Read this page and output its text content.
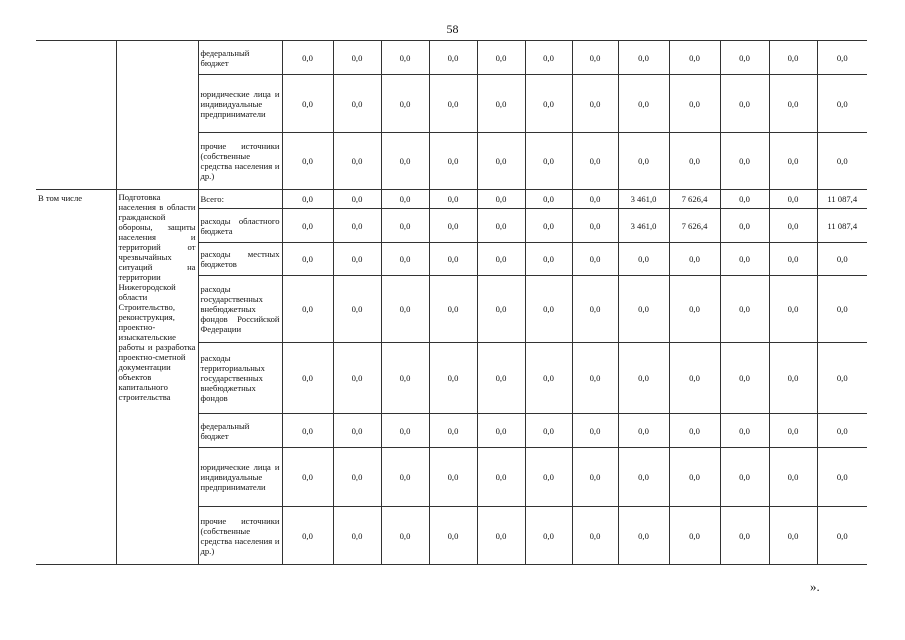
58
		федеральный бюджет	0,0	0,0	0,0	0,0	0,0	0,0	0,0	0,0	0,0	0,0	0,0	0,0
		юридические лица и индивидуальные предприниматели	0,0	0,0	0,0	0,0	0,0	0,0	0,0	0,0	0,0	0,0	0,0	0,0
		прочие источники (собственные средства населения и др.)	0,0	0,0	0,0	0,0	0,0	0,0	0,0	0,0	0,0	0,0	0,0	0,0
В том числе	Подготовка населения в области гражданской обороны, защиты населения и территорий от чрезвычайных ситуаций на территории Нижегородской области Строительство, реконструкция, проектно-изыскательские работы и разработка проектно-сметной документации объектов капитального строительства	Всего:	0,0	0,0	0,0	0,0	0,0	0,0	0,0	3 461,0	7 626,4	0,0	0,0	11 087,4
		расходы областного бюджета	0,0	0,0	0,0	0,0	0,0	0,0	0,0	3 461,0	7 626,4	0,0	0,0	11 087,4
		расходы местных бюджетов	0,0	0,0	0,0	0,0	0,0	0,0	0,0	0,0	0,0	0,0	0,0	0,0
		расходы государственных внебюджетных фондов Российской Федерации	0,0	0,0	0,0	0,0	0,0	0,0	0,0	0,0	0,0	0,0	0,0	0,0
		расходы территориальных государственных внебюджетных фондов	0,0	0,0	0,0	0,0	0,0	0,0	0,0	0,0	0,0	0,0	0,0	0,0
		федеральный бюджет	0,0	0,0	0,0	0,0	0,0	0,0	0,0	0,0	0,0	0,0	0,0	0,0
		юридические лица и индивидуальные предприниматели	0,0	0,0	0,0	0,0	0,0	0,0	0,0	0,0	0,0	0,0	0,0	0,0
		прочие источники (собственные средства населения и др.)	0,0	0,0	0,0	0,0	0,0	0,0	0,0	0,0	0,0	0,0	0,0	0,0
».
